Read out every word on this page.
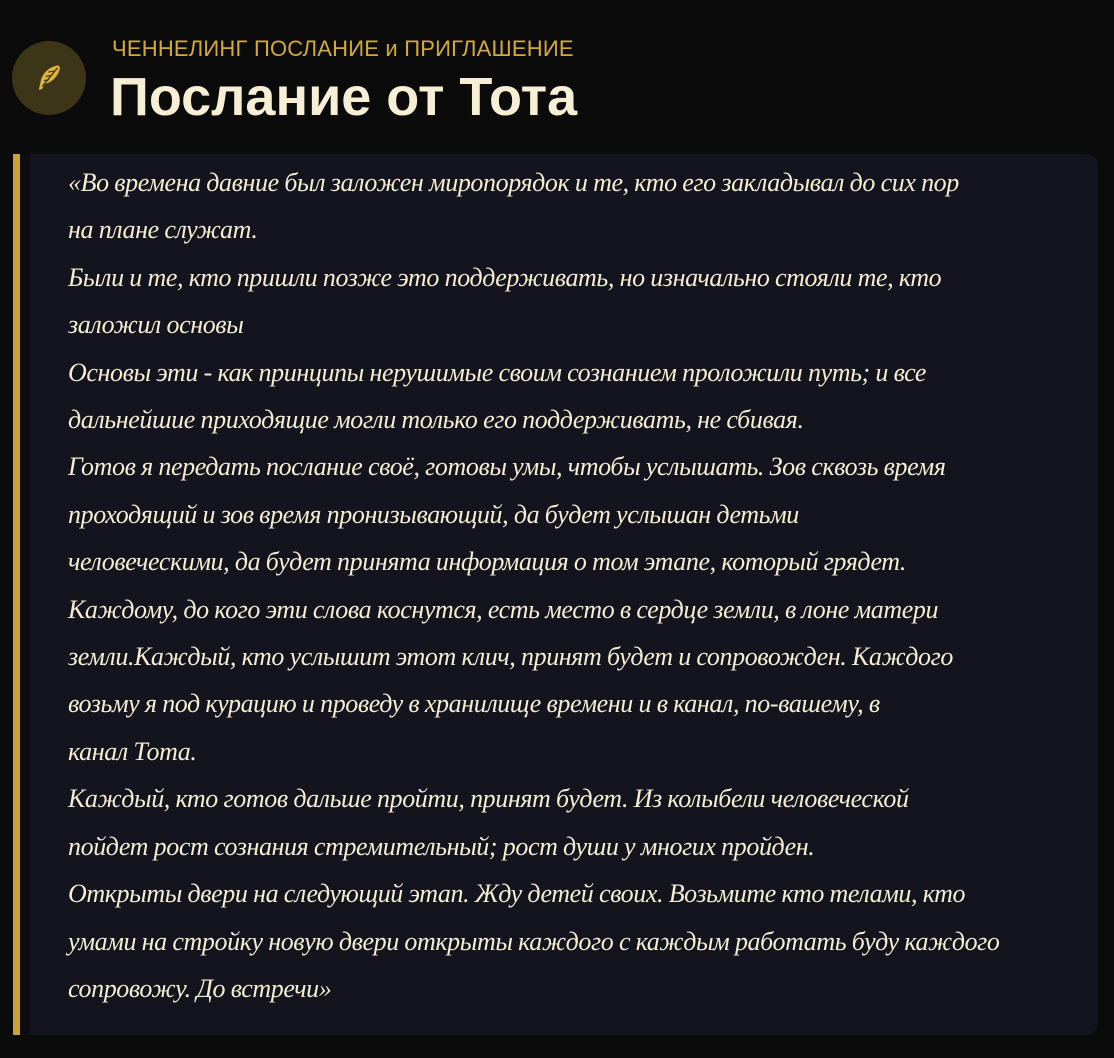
ЧЕННЕЛИНГ ПОСЛАНИЕ и ПРИГЛАШЕНИЕ
Послание от Тота
«Во времена давние был заложен миропорядок и те, кто его закладывал до сих пор
на плане служат.
Были и те, кто пришли позже это поддерживать, но изначально стояли те, кто
заложил основы
Основы эти - как принципы нерушимые своим сознанием проложили путь; и все
дальнейшие приходящие могли только его поддерживать, не сбивая.
Готов я передать послание своё, готовы умы, чтобы услышать. Зов сквозь время
проходящий и зов время пронизывающий, да будет услышан детьми
человеческими, да будет принята информация о том этапе, который грядет.
Каждому, до кого эти слова коснутся, есть место в сердце земли, в лоне матери
земли.Каждый, кто услышит этот клич, принят будет и сопровожден. Каждого
возьму я под курацию и проведу в хранилище времени и в канал, по-вашему, в
канал Тота.
Каждый, кто готов дальше пройти, принят будет. Из колыбели человеческой
пойдет рост сознания стремительный; рост души у многих пройден.
Открыты двери на следующий этап. Жду детей своих. Возьмите кто телами, кто
умами на стройку новую двери открыты каждого с каждым работать буду каждого
сопровожу. До встречи»
